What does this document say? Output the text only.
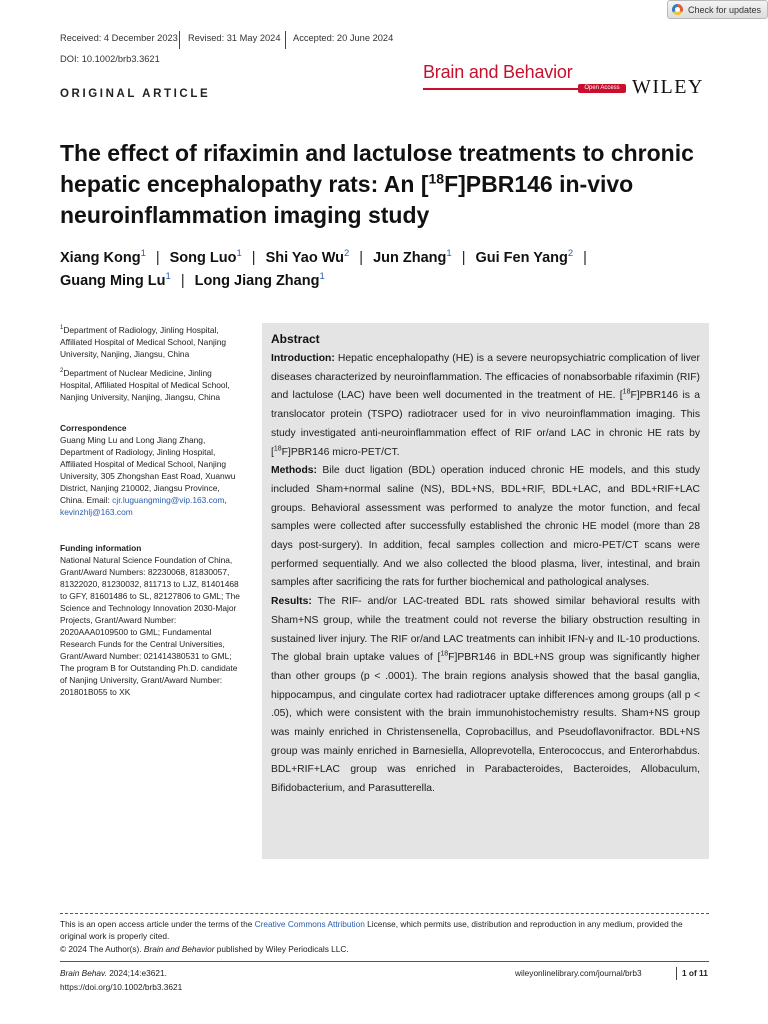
Check for updates
Received: 4 December 2023 Revised: 31 May 2024 Accepted: 20 June 2024
DOI: 10.1002/brb3.3621
Brain and Behavior
Open Access WILEY
ORIGINAL ARTICLE
The effect of rifaximin and lactulose treatments to chronic hepatic encephalopathy rats: An [$^{18}$F]PBR146 in-vivo neuroinflammation imaging study
Xiang Kong$^1$ | Song Luo$^1$ | Shi Yao Wu$^2$ | Jun Zhang$^1$ | Gui Fen Yang$^2$ |
Guang Ming Lu$^1$ | Long Jiang Zhang$^1$
$^1$Department of Radiology, Jinling Hospital, Affiliated Hospital of Medical School, Nanjing University, Nanjing, Jiangsu, China
$^2$Department of Nuclear Medicine, Jinling Hospital, Affiliated Hospital of Medical School, Nanjing University, Nanjing, Jiangsu, China
Correspondence
Guang Ming Lu and Long Jiang Zhang, Department of Radiology, Jinling Hospital, Affiliated Hospital of Medical School, Nanjing University, 305 Zhongshan East Road, Xuanwu District, Nanjing 210002, Jiangsu Province, China. Email: cjr.luguangming@vip.163.com, kevinzhlj@163.com
Funding information
National Natural Science Foundation of China, Grant/Award Numbers: 82230068, 81830057, 81322020, 81230032, 811713 to LJZ, 81401468 to GFY, 81601486 to SL, 82127806 to GML; The Science and Technology Innovation 2030-Major Projects, Grant/Award Number: 2020AAA0109500 to GML; Fundamental Research Funds for the Central Universities, Grant/Award Number: 021414380531 to GML; The program B for Outstanding Ph.D. candidate of Nanjing University, Grant/Award Number: 201801B055 to XK
Abstract

Introduction: Hepatic encephalopathy (HE) is a severe neuropsychiatric complication of liver diseases characterized by neuroinflammation. The efficacies of nonabsorbable rifaximin (RIF) and lactulose (LAC) have been well documented in the treatment of HE. [$^{18}$F]PBR146 is a translocator protein (TSPO) radiotracer used for in vivo neuroinflammation imaging. This study investigated anti-neuroinflammation effect of RIF or/and LAC in chronic HE rats by [$^{18}$F]PBR146 micro-PET/CT.

Methods: Bile duct ligation (BDL) operation induced chronic HE models, and this study included Sham+normal saline (NS), BDL+NS, BDL+RIF, BDL+LAC, and BDL+RIF+LAC groups. Behavioral assessment was performed to analyze the motor function, and fecal samples were collected after successfully established the chronic HE model (more than 28 days post-surgery). In addition, fecal samples collection and micro-PET/CT scans were performed sequentially. And we also collected the blood plasma, liver, intestinal, and brain samples after sacrificing the rats for further biochemical and pathological analyses.

Results: The RIF- and/or LAC-treated BDL rats showed similar behavioral results with Sham+NS group, while the treatment could not reverse the biliary obstruction resulting in sustained liver injury. The RIF or/and LAC treatments can inhibit IFN-γ and IL-10 productions. The global brain uptake values of [$^{18}$F]PBR146 in BDL+NS group was significantly higher than other groups (p < .0001). The brain regions analysis showed that the basal ganglia, hippocampus, and cingulate cortex had radiotracer uptake differences among groups (all p < .05), which were consistent with the brain immunohistochemistry results. Sham+NS group was mainly enriched in Christensenella, Coprobacillus, and Pseudoflavonifractor. BDL+NS group was mainly enriched in Barnesiella, Alloprevotella, Enterococcus, and Enterorhabdus. BDL+RIF+LAC group was enriched in Parabacteroides, Bacteroides, Allobaculum, Bifidobacterium, and Parasutterella.

This is an open access article under the terms of the Creative Commons Attribution License, which permits use, distribution and reproduction in any medium, provided the original work is properly cited.
© 2024 The Author(s). Brain and Behavior published by Wiley Periodicals LLC.
Brain Behav. 2024;14:e3621.
https://doi.org/10.1002/brb3.3621
wileyonlinelibrary.com/journal/brb3	1 of 11
